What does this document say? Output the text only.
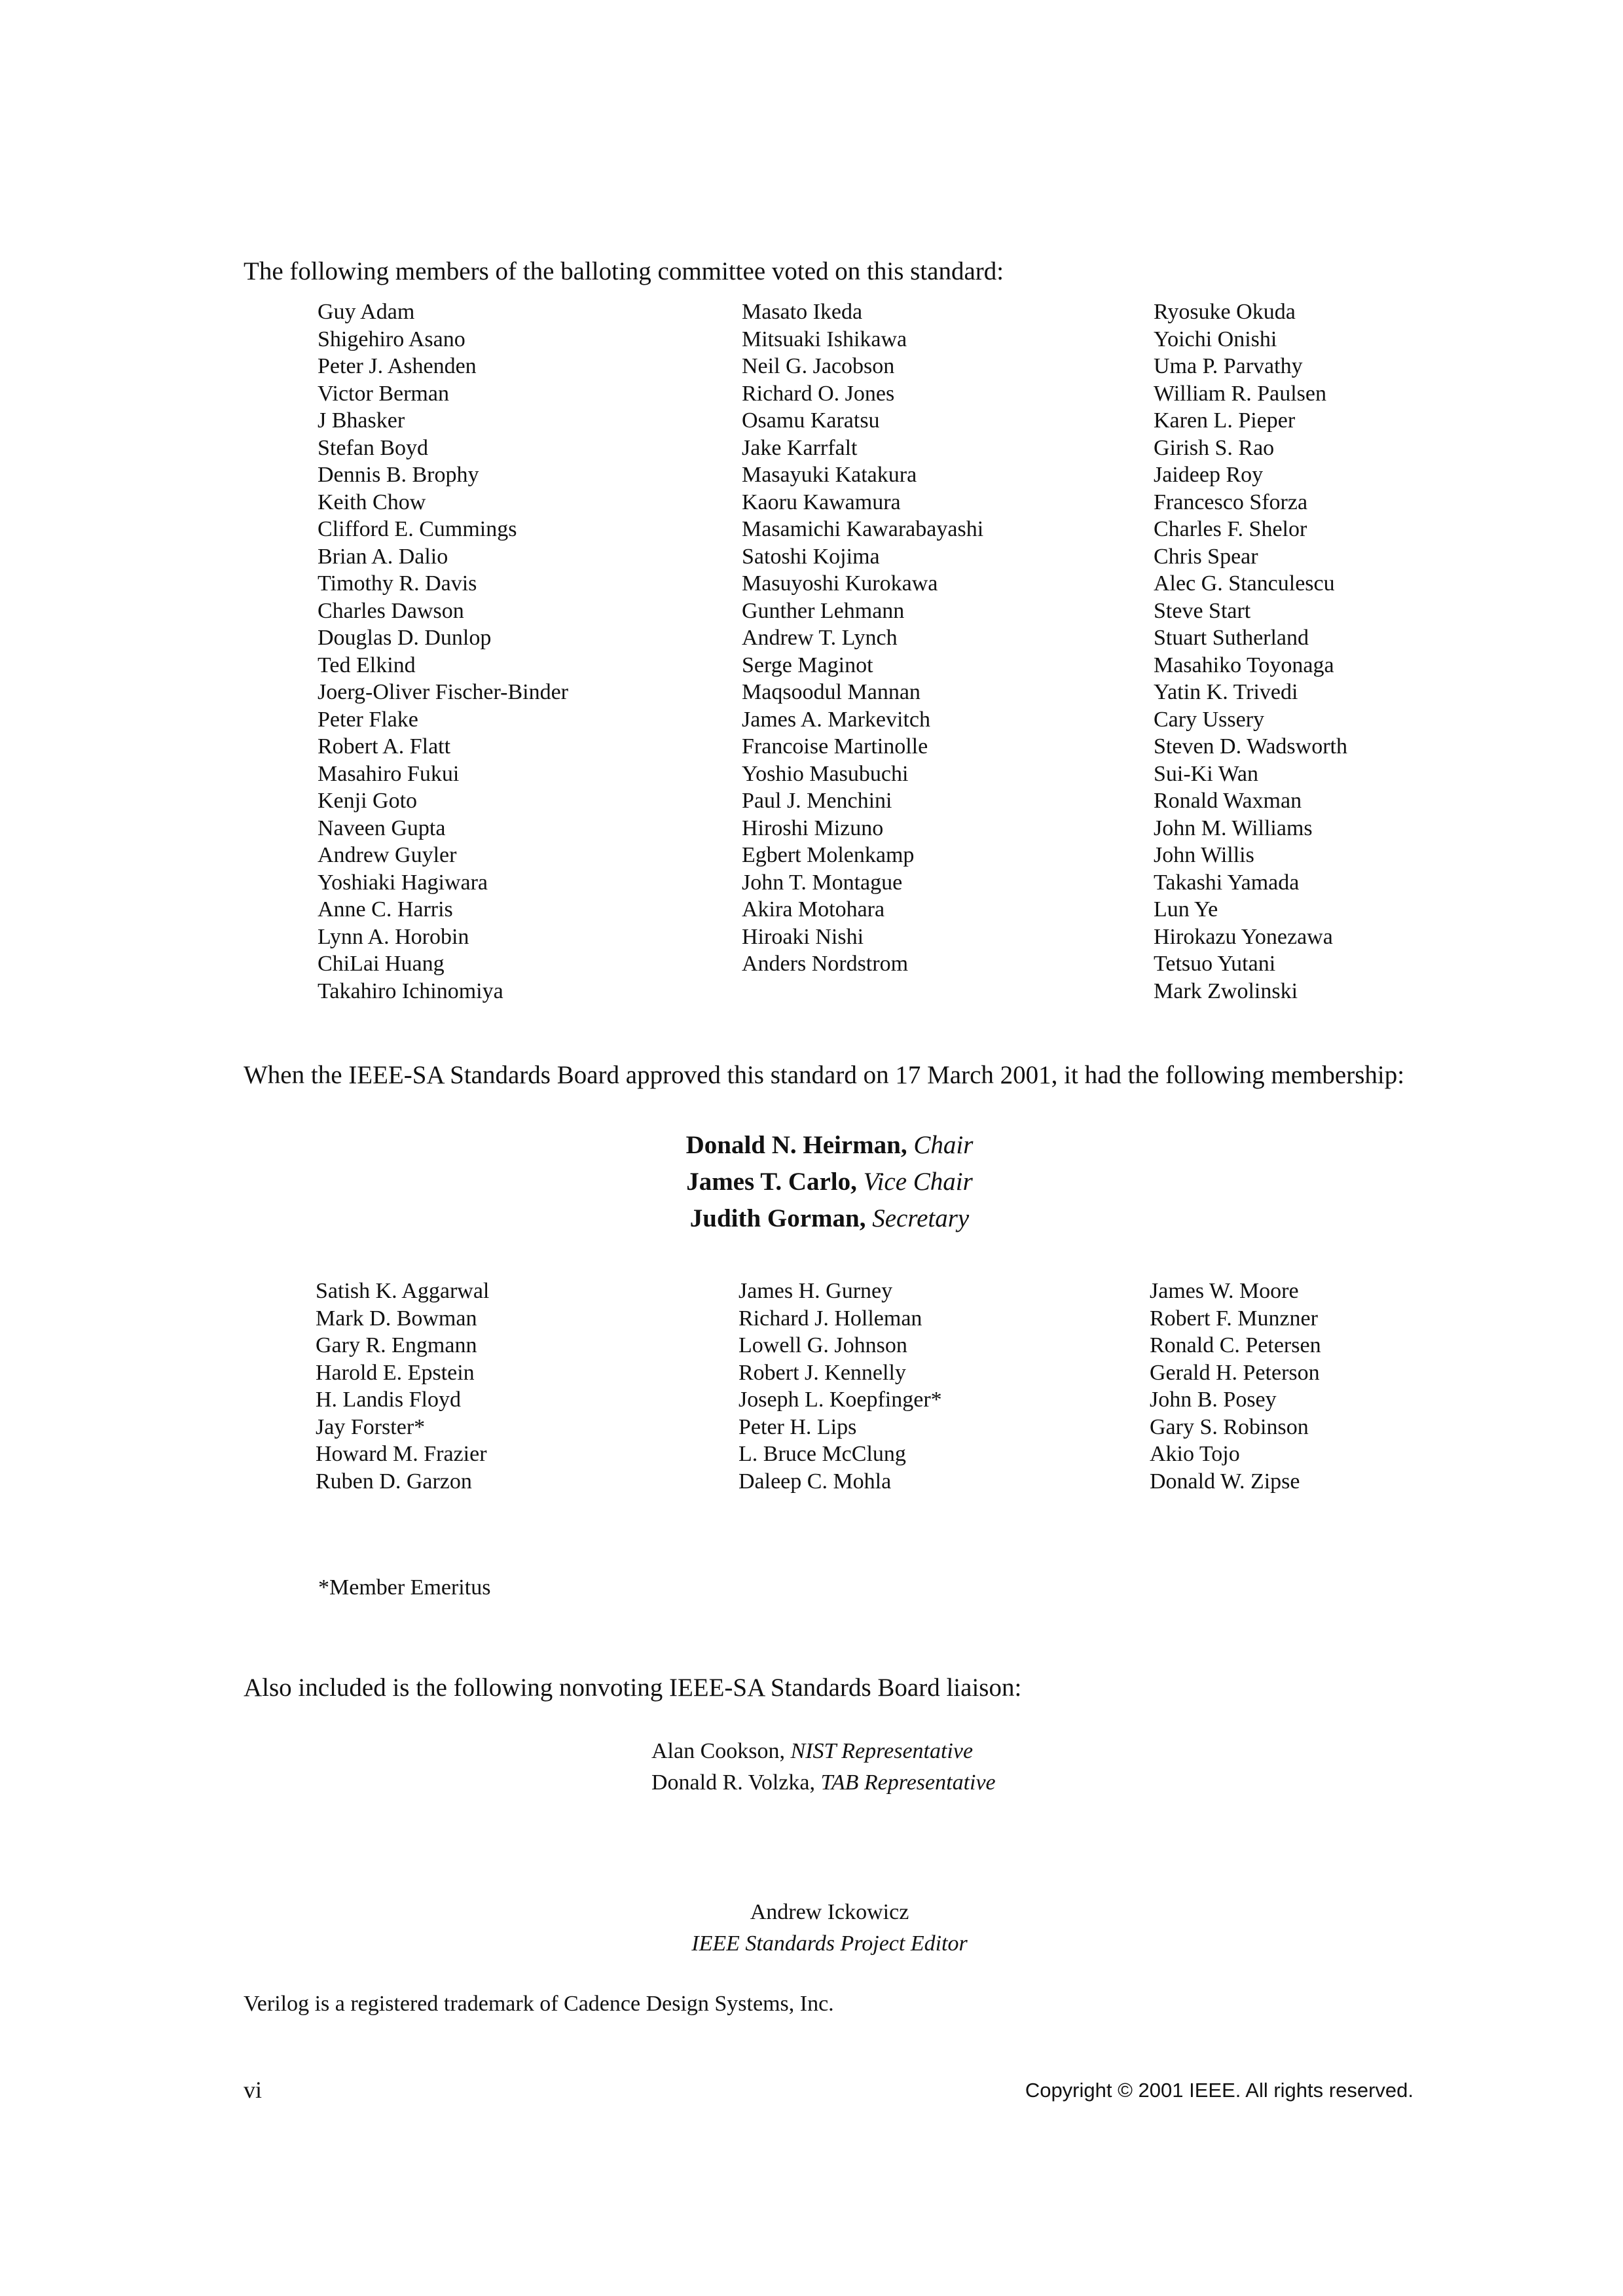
The following members of the balloting committee voted on this standard:
Guy Adam
Shigehiro Asano
Peter J. Ashenden
Victor Berman
J Bhasker
Stefan Boyd
Dennis B. Brophy
Keith Chow
Clifford E. Cummings
Brian A. Dalio
Timothy R. Davis
Charles Dawson
Douglas D. Dunlop
Ted Elkind
Joerg-Oliver Fischer-Binder
Peter Flake
Robert A. Flatt
Masahiro Fukui
Kenji Goto
Naveen Gupta
Andrew Guyler
Yoshiaki Hagiwara
Anne C. Harris
Lynn A. Horobin
ChiLai Huang
Takahiro Ichinomiya
Masato Ikeda
Mitsuaki Ishikawa
Neil G. Jacobson
Richard O. Jones
Osamu Karatsu
Jake Karrfalt
Masayuki Katakura
Kaoru Kawamura
Masamichi Kawarabayashi
Satoshi Kojima
Masuyoshi Kurokawa
Gunther Lehmann
Andrew T. Lynch
Serge Maginot
Maqsoodul Mannan
James A. Markevitch
Francoise Martinolle
Yoshio Masubuchi
Paul J. Menchini
Hiroshi Mizuno
Egbert Molenkamp
John T. Montague
Akira Motohara
Hiroaki Nishi
Anders Nordstrom
Ryosuke Okuda
Yoichi Onishi
Uma P. Parvathy
William R. Paulsen
Karen L. Pieper
Girish S. Rao
Jaideep Roy
Francesco Sforza
Charles F. Shelor
Chris Spear
Alec G. Stanculescu
Steve Start
Stuart Sutherland
Masahiko Toyonaga
Yatin K. Trivedi
Cary Ussery
Steven D. Wadsworth
Sui-Ki Wan
Ronald Waxman
John M. Williams
John Willis
Takashi Yamada
Lun Ye
Hirokazu Yonezawa
Tetsuo Yutani
Mark Zwolinski
When the IEEE-SA Standards Board approved this standard on 17 March 2001, it had the following membership:
Donald N. Heirman, Chair
James T. Carlo, Vice Chair
Judith Gorman, Secretary
Satish K. Aggarwal
Mark D. Bowman
Gary R. Engmann
Harold E. Epstein
H. Landis Floyd
Jay Forster*
Howard M. Frazier
Ruben D. Garzon
James H. Gurney
Richard J. Holleman
Lowell G. Johnson
Robert J. Kennelly
Joseph L. Koepfinger*
Peter H. Lips
L. Bruce McClung
Daleep C. Mohla
James W. Moore
Robert F. Munzner
Ronald C. Petersen
Gerald H. Peterson
John B. Posey
Gary S. Robinson
Akio Tojo
Donald W. Zipse
*Member Emeritus
Also included is the following nonvoting IEEE-SA Standards Board liaison:
Alan Cookson, NIST Representative
Donald R. Volzka, TAB Representative
Andrew Ickowicz
IEEE Standards Project Editor
Verilog is a registered trademark of Cadence Design Systems, Inc.
vi	Copyright © 2001 IEEE. All rights reserved.
